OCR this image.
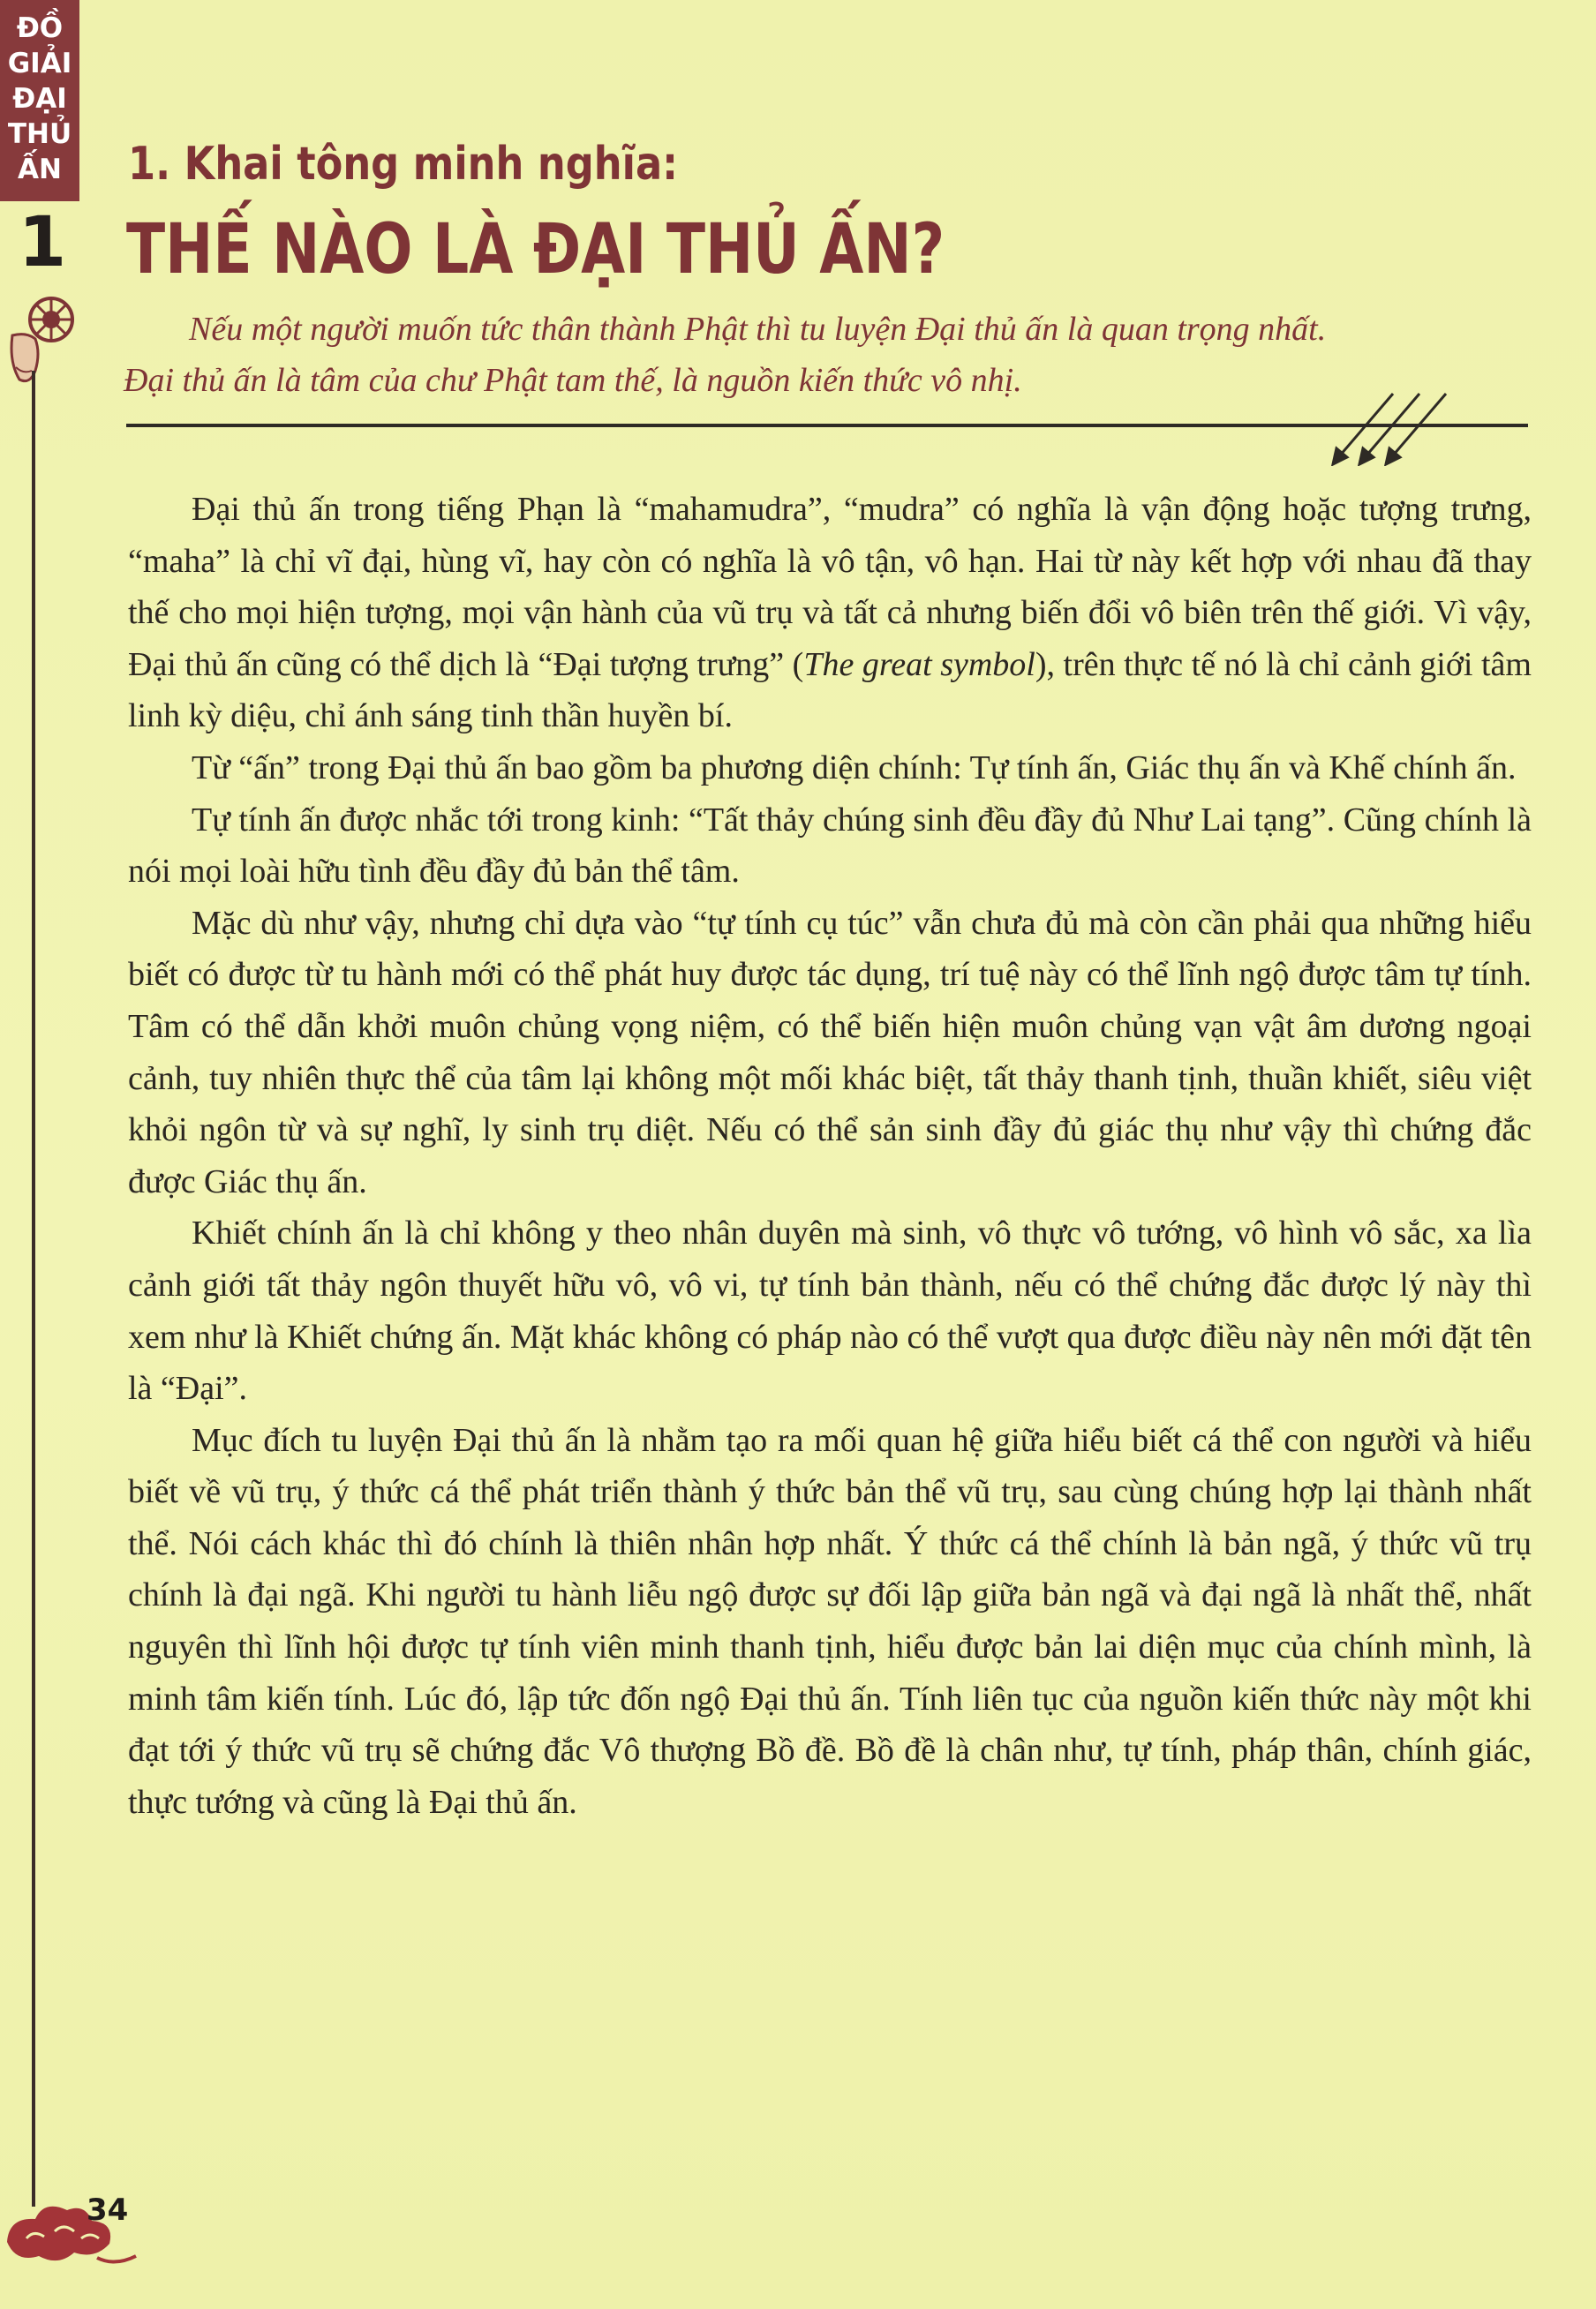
ĐỒ
GIẢI
ĐẠI
THỦ
ẤN
1
34
1. Khai tông minh nghĩa:
THẾ NÀO LÀ ĐẠI THỦ ẤN?
Nếu một người muốn tức thân thành Phật thì tu luyện Đại thủ ấn là quan trọng nhất.
Đại thủ ấn là tâm của chư Phật tam thế, là nguồn kiến thức vô nhị.

Đại thủ ấn trong tiếng Phạn là “mahamudra”, “mudra” có nghĩa là vận động hoặc tượng trưng, “maha” là chỉ vĩ đại, hùng vĩ, hay còn có nghĩa là vô tận, vô hạn. Hai từ này kết hợp với nhau đã thay thế cho mọi hiện tượng, mọi vận hành của vũ trụ và tất cả nhưng biến đổi vô biên trên thế giới. Vì vậy, Đại thủ ấn cũng có thể dịch là “Đại tượng trưng” (The great symbol), trên thực tế nó là chỉ cảnh giới tâm linh kỳ diệu, chỉ ánh sáng tinh thần huyền bí.

Từ “ấn” trong Đại thủ ấn bao gồm ba phương diện chính: Tự tính ấn, Giác thụ ấn và Khế chính ấn.

Tự tính ấn được nhắc tới trong kinh: “Tất thảy chúng sinh đều đầy đủ Như Lai tạng”. Cũng chính là nói mọi loài hữu tình đều đầy đủ bản thể tâm.

Mặc dù như vậy, nhưng chỉ dựa vào “tự tính cụ túc” vẫn chưa đủ mà còn cần phải qua những hiểu biết có được từ tu hành mới có thể phát huy được tác dụng, trí tuệ này có thể lĩnh ngộ được tâm tự tính. Tâm có thể dẫn khởi muôn chủng vọng niệm, có thể biến hiện muôn chủng vạn vật âm dương ngoại cảnh, tuy nhiên thực thể của tâm lại không một mối khác biệt, tất thảy thanh tịnh, thuần khiết, siêu việt khỏi ngôn từ và sự nghĩ, ly sinh trụ diệt. Nếu có thể sản sinh đầy đủ giác thụ như vậy thì chứng đắc được Giác thụ ấn.

Khiết chính ấn là chỉ không y theo nhân duyên mà sinh, vô thực vô tướng, vô hình vô sắc, xa lìa cảnh giới tất thảy ngôn thuyết hữu vô, vô vi, tự tính bản thành, nếu có thể chứng đắc được lý này thì xem như là Khiết chứng ấn. Mặt khác không có pháp nào có thể vượt qua được điều này nên mới đặt tên là “Đại”.

Mục đích tu luyện Đại thủ ấn là nhằm tạo ra mối quan hệ giữa hiểu biết cá thể con người và hiểu biết về vũ trụ, ý thức cá thể phát triển thành ý thức bản thể vũ trụ, sau cùng chúng hợp lại thành nhất thể. Nói cách khác thì đó chính là thiên nhân hợp nhất. Ý thức cá thể chính là bản ngã, ý thức vũ trụ chính là đại ngã. Khi người tu hành liễu ngộ được sự đối lập giữa bản ngã và đại ngã là nhất thể, nhất nguyên thì lĩnh hội được tự tính viên minh thanh tịnh, hiểu được bản lai diện mục của chính mình, là minh tâm kiến tính. Lúc đó, lập tức đốn ngộ Đại thủ ấn. Tính liên tục của nguồn kiến thức này một khi đạt tới ý thức vũ trụ sẽ chứng đắc Vô thượng Bồ đề. Bồ đề là chân như, tự tính, pháp thân, chính giác, thực tướng và cũng là Đại thủ ấn.
